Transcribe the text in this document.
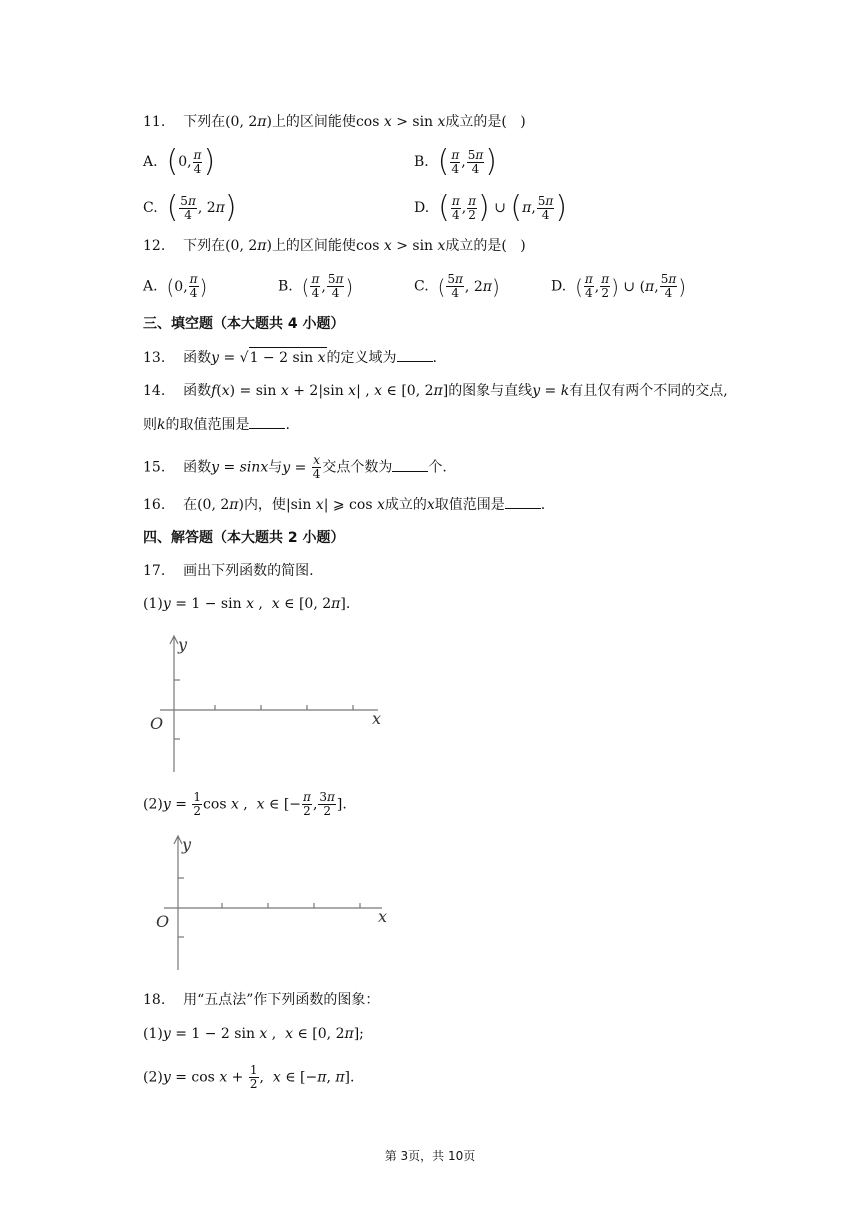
11. 下列在(0, 2π)上的区间能使cos x > sin x成立的是( )
A. (0, $\frac{\pi}{4}$ )	B. ( $\frac{\pi}{4}$ , $\frac{5\pi}{4}$ )
C. ( $\frac{5\pi}{4}$ , 2π)	D. ( $\frac{\pi}{4}$ , $\frac{\pi}{2}$ ) ∪ (π, $\frac{5\pi}{4}$ )
12. 下列在(0, 2π)上的区间能使cos x > sin x成立的是( )
A. (0, $\frac{\pi}{4}$ )	B. ( $\frac{\pi}{4}$ , $\frac{5\pi}{4}$ )	C. ( $\frac{5\pi}{4}$ , 2π)	D. ( $\frac{\pi}{4}$ , $\frac{\pi}{2}$ ) ∪ (π, $\frac{5\pi}{4}$ )
三、填空题（本大题共 4 小题）
13. 函数y = √1 − 2 sin x的定义域为	.
14. 函数f(x) = sin x + 2|sin x| , x ∈ [0, 2π]的图象与直线y = k有且仅有两个不同的交点,
则k的取值范围是	.
15. 函数y = sinx与$y = \frac{x}{4}$ 交点个数为	个.
16. 在(0, 2π)内，使|sin x| ⩾ cos x成立的x取值范围是	.
四、解答题（本大题共 2 小题）
17. 画出下列函数的简图.
(1)y = 1 − sin x ,  x ∈ [0, 2π].
y
x
O
$(2)y = \frac{1}{2}$ cos x ,  x ∈ [− $\frac{\pi}{2}$ , $\frac{3\pi}{2}$ ].
y
x
O
18. 用“五点法”作下列函数的图象：
(1)y = 1 − 2 sin x ,  x ∈ [0, 2π];
$(2)y = \cos x + \frac{1}{2}$ ,  x ∈ [−π, π].
第 3页，共 10页
